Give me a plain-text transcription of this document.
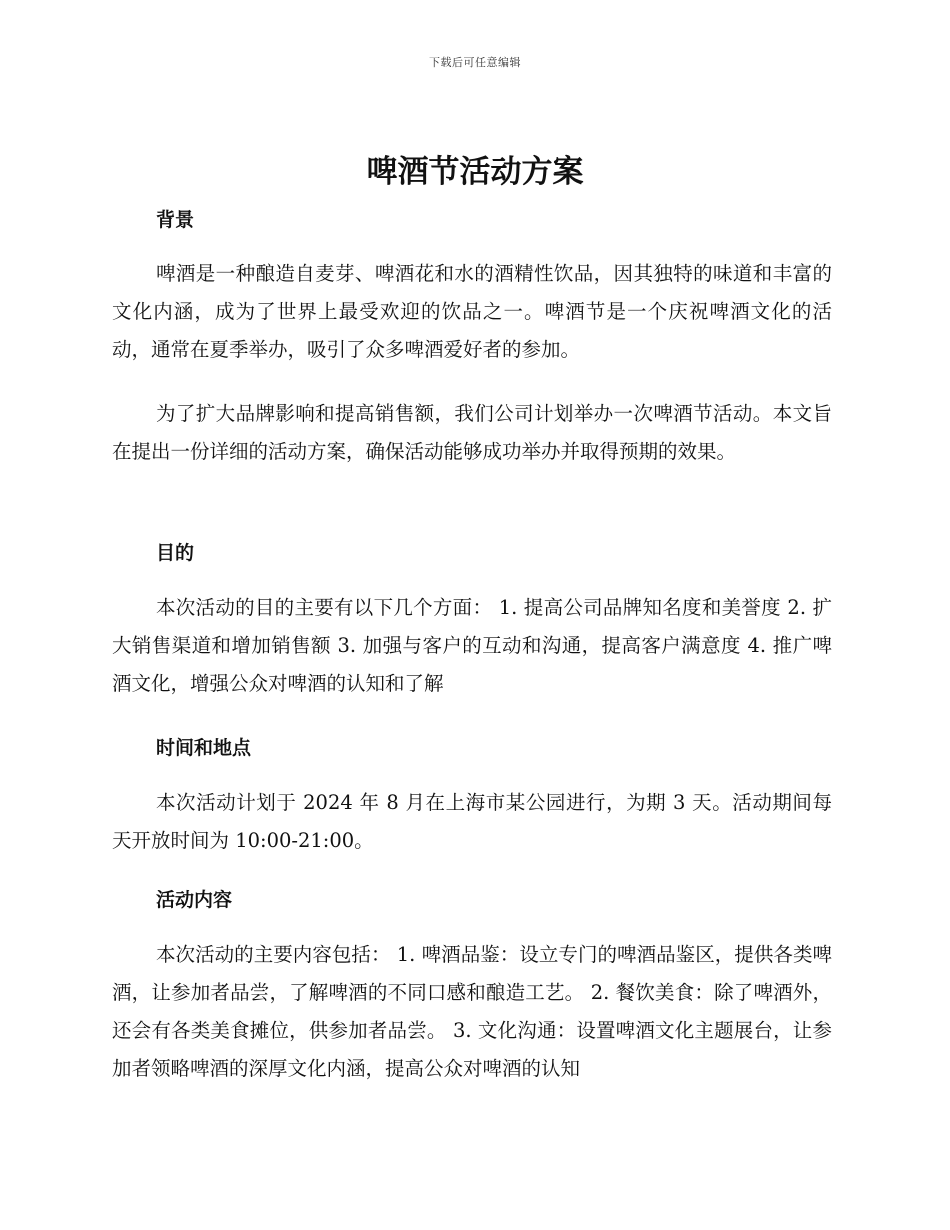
下载后可任意编辑
啤酒节活动方案
背景

啤酒是一种酿造自麦芽、啤酒花和水的酒精性饮品，因其独特的味道和丰富的文化内涵，成为了世界上最受欢迎的饮品之一。啤酒节是一个庆祝啤酒文化的活动，通常在夏季举办，吸引了众多啤酒爱好者的参加。

为了扩大品牌影响和提高销售额，我们公司计划举办一次啤酒节活动。本文旨在提出一份详细的活动方案，确保活动能够成功举办并取得预期的效果。

目的

本次活动的目的主要有以下几个方面： 1. 提高公司品牌知名度和美誉度 2. 扩大销售渠道和增加销售额 3. 加强与客户的互动和沟通，提高客户满意度 4. 推广啤酒文化，增强公众对啤酒的认知和了解

时间和地点

本次活动计划于 2024 年 8 月在上海市某公园进行，为期 3 天。活动期间每天开放时间为 10:00-21:00。

活动内容

本次活动的主要内容包括： 1. 啤酒品鉴：设立专门的啤酒品鉴区，提供各类啤酒，让参加者品尝，了解啤酒的不同口感和酿造工艺。 2. 餐饮美食：除了啤酒外，还会有各类美食摊位，供参加者品尝。 3. 文化沟通：设置啤酒文化主题展台，让参加者领略啤酒的深厚文化内涵，提高公众对啤酒的认知
